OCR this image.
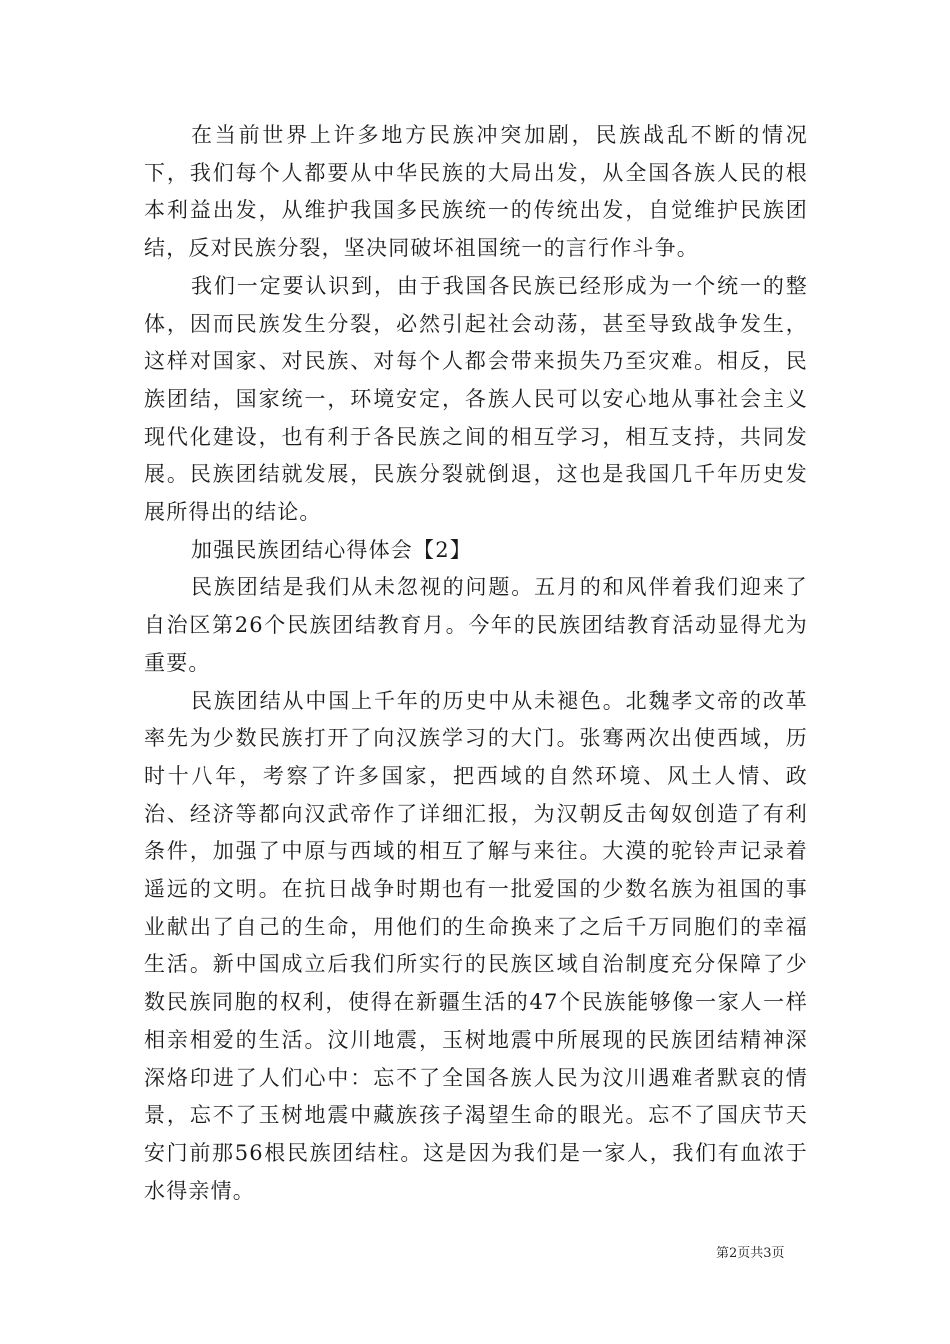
在当前世界上许多地方民族冲突加剧，民族战乱不断的情况下，我们每个人都要从中华民族的大局出发，从全国各族人民的根本利益出发，从维护我国多民族统一的传统出发，自觉维护民族团结，反对民族分裂，坚决同破坏祖国统一的言行作斗争。

我们一定要认识到，由于我国各民族已经形成为一个统一的整体，因而民族发生分裂，必然引起社会动荡，甚至导致战争发生，这样对国家、对民族、对每个人都会带来损失乃至灾难。相反，民族团结，国家统一，环境安定，各族人民可以安心地从事社会主义现代化建设，也有利于各民族之间的相互学习，相互支持，共同发展。民族团结就发展，民族分裂就倒退，这也是我国几千年历史发展所得出的结论。

加强民族团结心得体会【2】

民族团结是我们从未忽视的问题。五月的和风伴着我们迎来了自治区第26个民族团结教育月。今年的民族团结教育活动显得尤为重要。

民族团结从中国上千年的历史中从未褪色。北魏孝文帝的改革率先为少数民族打开了向汉族学习的大门。张骞两次出使西域，历时十八年，考察了许多国家，把西域的自然环境、风土人情、政治、经济等都向汉武帝作了详细汇报，为汉朝反击匈奴创造了有利条件，加强了中原与西域的相互了解与来往。大漠的驼铃声记录着遥远的文明。在抗日战争时期也有一批爱国的少数名族为祖国的事业献出了自己的生命，用他们的生命换来了之后千万同胞们的幸福生活。新中国成立后我们所实行的民族区域自治制度充分保障了少数民族同胞的权利，使得在新疆生活的47个民族能够像一家人一样相亲相爱的生活。汶川地震，玉树地震中所展现的民族团结精神深深烙印进了人们心中：忘不了全国各族人民为汶川遇难者默哀的情景，忘不了玉树地震中藏族孩子渴望生命的眼光。忘不了国庆节天安门前那56根民族团结柱。这是因为我们是一家人，我们有血浓于水得亲情。

第2页共3页
